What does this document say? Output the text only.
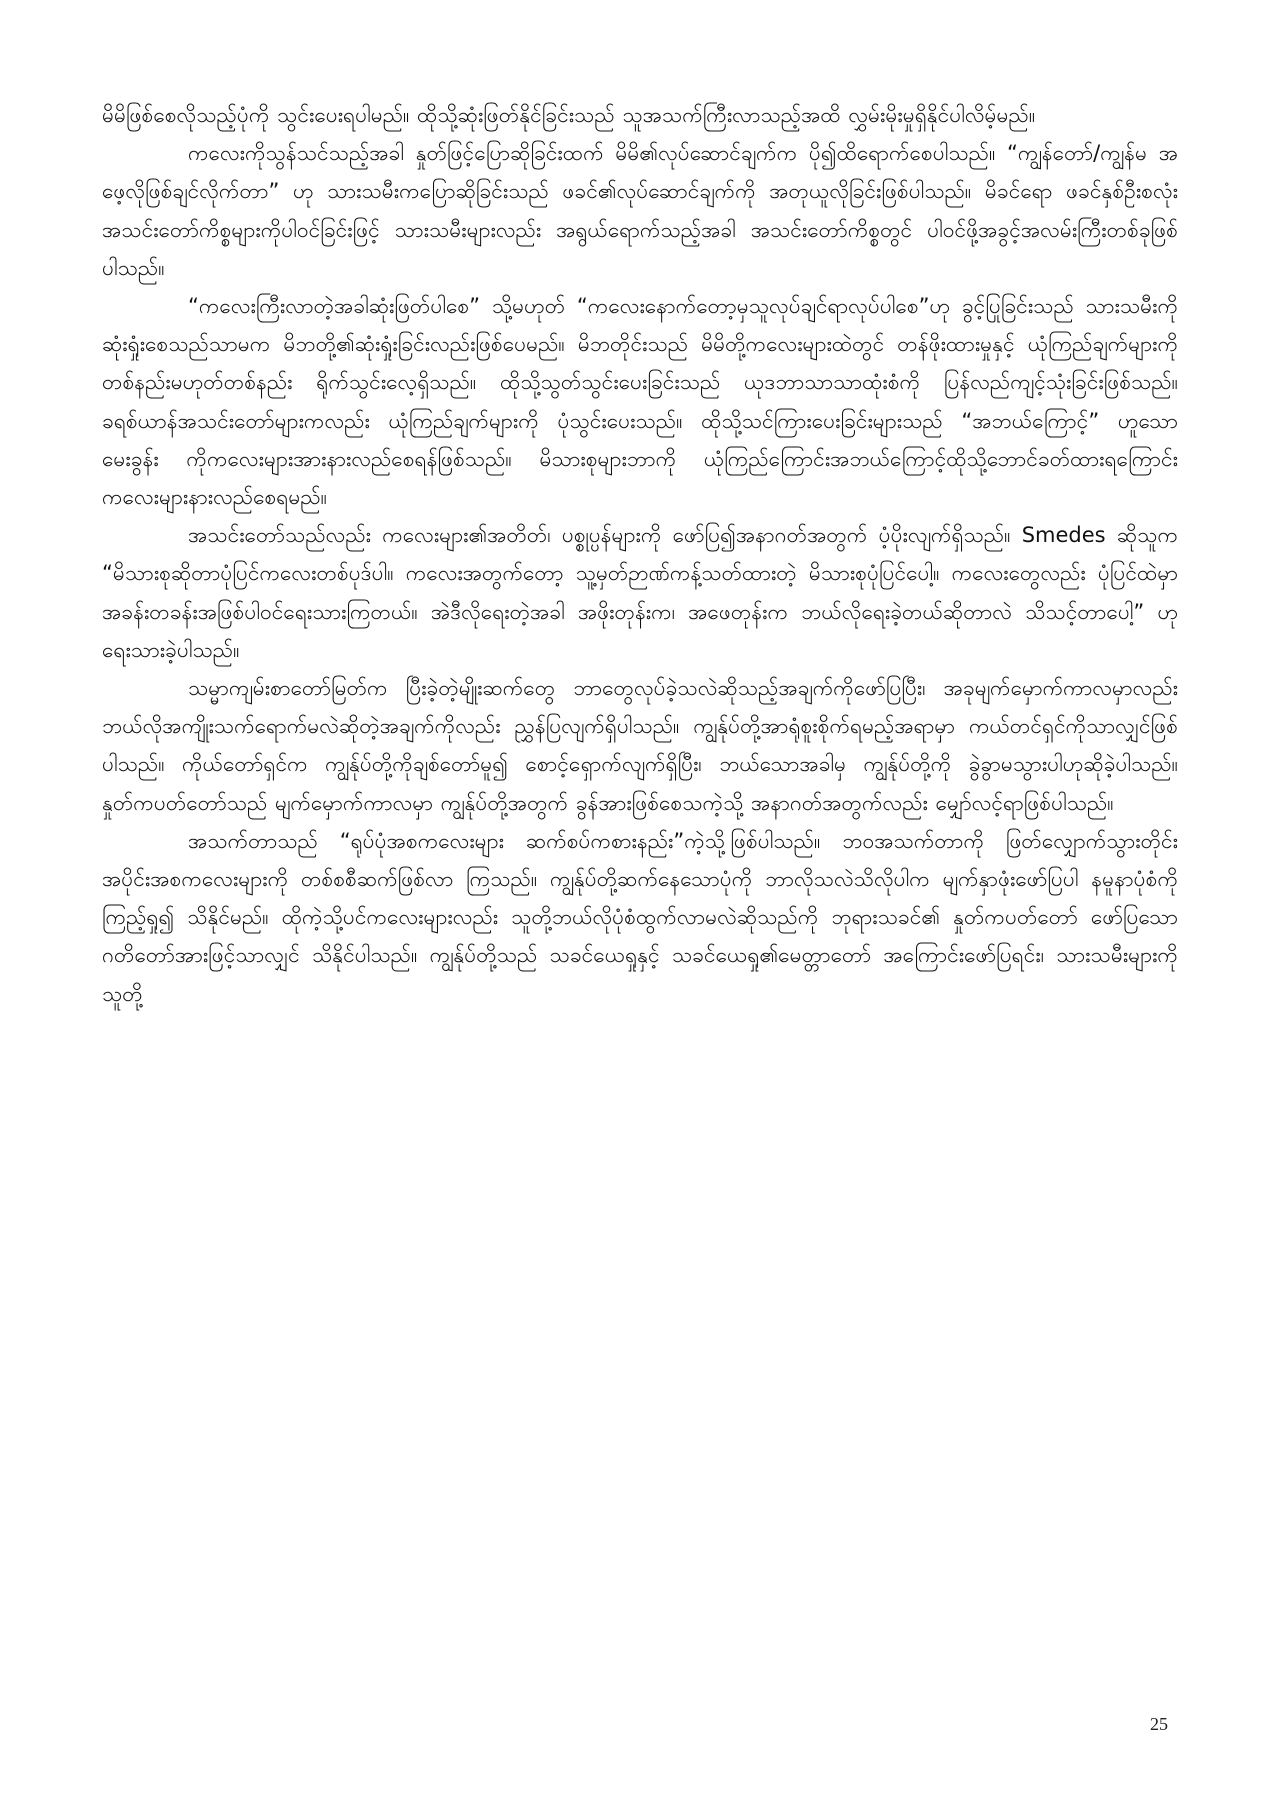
မိမိဖြစ်စေလိုသည့်ပုံကို သွင်းပေးရပါမည်။ ထိုသို့ဆုံးဖြတ်နိုင်ခြင်းသည် သူအသက်ကြီးလာသည့်အထိ လွှမ်းမိုးမှုရှိနိုင်ပါလိမ့်မည်။

ကလေးကိုသွန်သင်သည့်အခါ နှုတ်ဖြင့်ပြောဆိုခြင်းထက် မိမိ၏လုပ်ဆောင်ချက်က ပို၍ထိရောက်စေပါသည်။ “ကျွန်တော်/ကျွန်မ အဖေ့လိုဖြစ်ချင်လိုက်တာ” ဟု သားသမီးကပြောဆိုခြင်းသည် ဖခင်၏လုပ်ဆောင်ချက်ကို အတုယူလိုခြင်းဖြစ်ပါသည်။ မိခင်ရော ဖခင်နှစ်ဦးစလုံး အသင်းတော်ကိစ္စများကိုပါဝင်ခြင်းဖြင့် သားသမီးများလည်း အရွယ်ရောက်သည့်အခါ အသင်းတော်ကိစ္စတွင် ပါဝင်ဖို့အခွင့်အလမ်းကြီးတစ်ခုဖြစ်ပါသည်။

“ကလေးကြီးလာတဲ့အခါဆုံးဖြတ်ပါစေ” သို့မဟုတ် “ကလေးနောက်တော့မှသူလုပ်ချင်ရာလုပ်ပါစေ”ဟု ခွင့်ပြုခြင်းသည် သားသမီးကိုဆုံးရှုံးစေသည်သာမက မိဘတို့၏ဆုံးရှုံးခြင်းလည်းဖြစ်ပေမည်။ မိဘတိုင်းသည် မိမိတို့ကလေးများထဲတွင် တန်ဖိုးထားမှုနှင့် ယုံကြည်ချက်များကို တစ်နည်းမဟုတ်တစ်နည်း ရိုက်သွင်းလေ့ရှိသည်။ ထိုသို့သွတ်သွင်းပေးခြင်းသည် ယုဒဘာသာသာထုံးစံကို ပြန်လည်ကျင့်သုံးခြင်းဖြစ်သည်။ ခရစ်ယာန်အသင်းတော်များကလည်း ယုံကြည်ချက်များကို ပုံသွင်းပေးသည်။ ထိုသို့သင်ကြားပေးခြင်းများသည် “အဘယ်ကြောင့်” ဟူသောမေးခွန်း ကိုကလေးများအားနားလည်စေရန်ဖြစ်သည်။ မိသားစုများဘာကို ယုံကြည်ကြောင်းအဘယ်ကြောင့်ထိုသို့ဘောင်ခတ်ထားရကြောင်း ကလေးများနားလည်စေရမည်။

အသင်းတော်သည်လည်း ကလေးများ၏အတိတ်၊ ပစ္စုပ္ပန်များကို ဖော်ပြ၍အနာဂတ်အတွက် ပံ့ပိုးလျက်ရှိသည်။ Smedes ဆိုသူက “မိသားစုဆိုတာပုံပြင်ကလေးတစ်ပုဒ်ပါ။ ကလေးအတွက်တော့ သူ့မှတ်ဉာဏ်ကန့်သတ်ထားတဲ့ မိသားစုပုံပြင်ပေါ့။ ကလေးတွေလည်း ပုံပြင်ထဲမှာအခန်းတခန်းအဖြစ်ပါဝင်ရေးသားကြတယ်။ အဲဒီလိုရေးတဲ့အခါ အဖိုးတုန်းက၊ အဖေတုန်းက ဘယ်လိုရေးခဲ့တယ်ဆိုတာလဲ သိသင့်တာပေါ့” ဟုရေးသားခဲ့ပါသည်။

သမ္မာကျမ်းစာတော်မြတ်က ပြီးခဲ့တဲ့မျိုးဆက်တွေ ဘာတွေလုပ်ခဲ့သလဲဆိုသည့်အချက်ကိုဖော်ပြပြီး၊ အခုမျက်မှောက်ကာလမှာလည်း ဘယ်လိုအကျိုးသက်ရောက်မလဲဆိုတဲ့အချက်ကိုလည်း ညွှန်ပြလျက်ရှိပါသည်။ ကျွန်ုပ်တို့အာရုံစူးစိုက်ရမည့်အရာမှာ ကယ်တင်ရှင်ကိုသာလျှင်ဖြစ်ပါသည်။ ကိုယ်တော်ရှင်က ကျွန်ုပ်တို့ကိုချစ်တော်မူ၍ စောင့်ရှောက်လျက်ရှိပြီး၊ ဘယ်သောအခါမှ ကျွန်ုပ်တို့ကို ခွဲခွာမသွားပါဟုဆိုခဲ့ပါသည်။ နှုတ်ကပတ်တော်သည် မျက်မှောက်ကာလမှာ ကျွန်ုပ်တို့အတွက် ခွန်အားဖြစ်စေသကဲ့သို့ အနာဂတ်အတွက်လည်း မျှော်လင့်ရာဖြစ်ပါသည်။

အသက်တာသည် “ရုပ်ပုံအစကလေးများ ဆက်စပ်ကစားနည်း”ကဲ့သို့ဖြစ်ပါသည်။ ဘဝအသက်တာကို ဖြတ်လျှောက်သွားတိုင်း အပိုင်းအစကလေးများကို တစ်စစီဆက်ဖြစ်လာ ကြသည်။ ကျွန်ုပ်တို့ဆက်နေသောပုံကို ဘာလိုသလဲသိလိုပါက မျက်နှာဖုံးဖော်ပြပါ နမူနာပုံစံကို ကြည့်ရှု၍ သိနိုင်မည်။ ထိုကဲ့သို့ပင်ကလေးများလည်း သူတို့ဘယ်လိုပုံစံထွက်လာမလဲဆိုသည်ကို ဘုရားသခင်၏ နှုတ်ကပတ်တော် ဖော်ပြသော ဂတိတော်အားဖြင့်သာလျှင် သိနိုင်ပါသည်။ ကျွန်ုပ်တို့သည် သခင်ယေရှုနှင့် သခင်ယေရှု၏မေတ္တာတော် အကြောင်းဖော်ပြရင်း၊ သားသမီးများကို သူတို့

25
